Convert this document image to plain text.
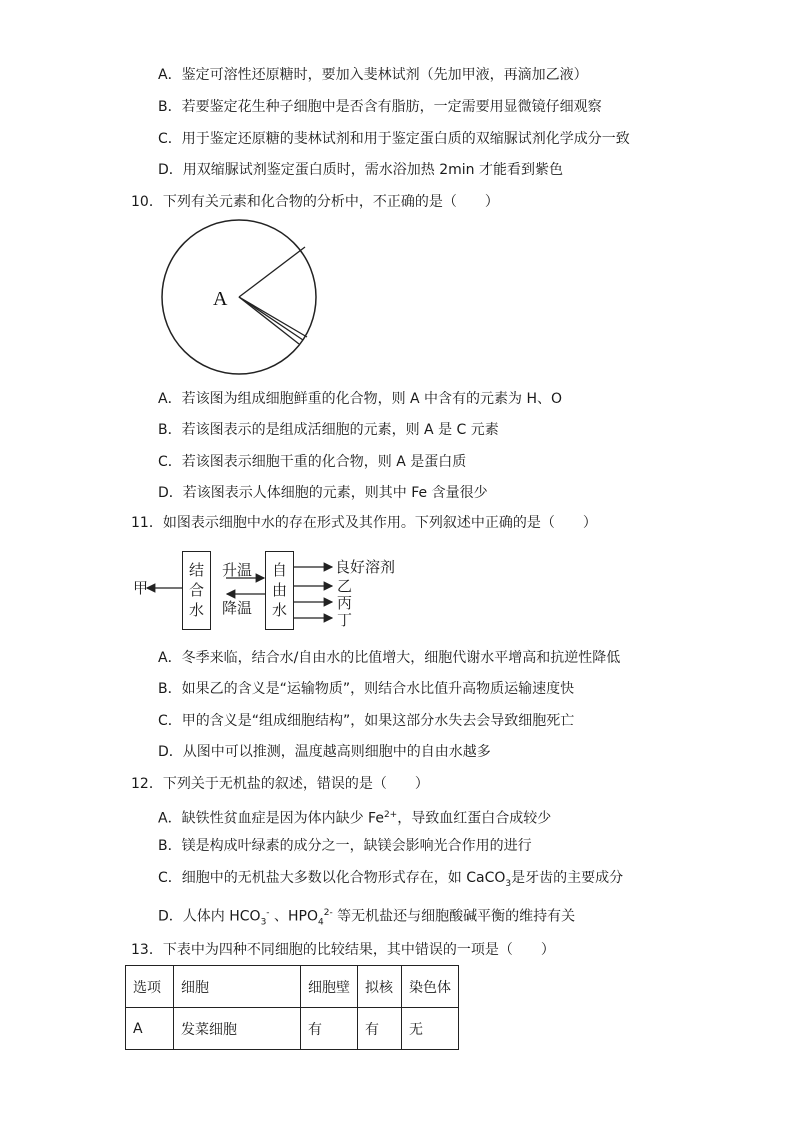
A．鉴定可溶性还原糖时，要加入斐林试剂（先加甲液，再滴加乙液）
B．若要鉴定花生种子细胞中是否含有脂肪，一定需要用显微镜仔细观察
C．用于鉴定还原糖的斐林试剂和用于鉴定蛋白质的双缩脲试剂化学成分一致
D．用双缩脲试剂鉴定蛋白质时，需水浴加热 2min 才能看到紫色
10．下列有关元素和化合物的分析中，不正确的是（　　）
A
A．若该图为组成细胞鲜重的化合物，则 A 中含有的元素为 H、O
B．若该图表示的是组成活细胞的元素，则 A 是 C 元素
C．若该图表示细胞干重的化合物，则 A 是蛋白质
D．若该图表示人体细胞的元素，则其中 Fe 含量很少
11．如图表示细胞中水的存在形式及其作用。下列叙述中正确的是（　　）
甲
结
合
水
自
由
水
升温
降温
良好溶剂
乙
丙
丁
A．冬季来临，结合水/自由水的比值增大，细胞代谢水平增高和抗逆性降低
B．如果乙的含义是“运输物质”，则结合水比值升高物质运输速度快
C．甲的含义是“组成细胞结构”，如果这部分水失去会导致细胞死亡
D．从图中可以推测，温度越高则细胞中的自由水越多
12．下列关于无机盐的叙述，错误的是（　　）
A．缺铁性贫血症是因为体内缺少 $Fe^{2+}$，导致血红蛋白合成较少
B．镁是构成叶绿素的成分之一，缺镁会影响光合作用的进行
C．细胞中的无机盐大多数以化合物形式存在，如 CaCO$_3$是牙齿的主要成分
D．人体内 $HCO_3^-$ 、$HPO_4^{2-}$ 等无机盐还与细胞酸碱平衡的维持有关
13．下表中为四种不同细胞的比较结果，其中错误的一项是（　　）
选项	细胞	细胞壁	拟核	染色体
A	发菜细胞	有	有	无
